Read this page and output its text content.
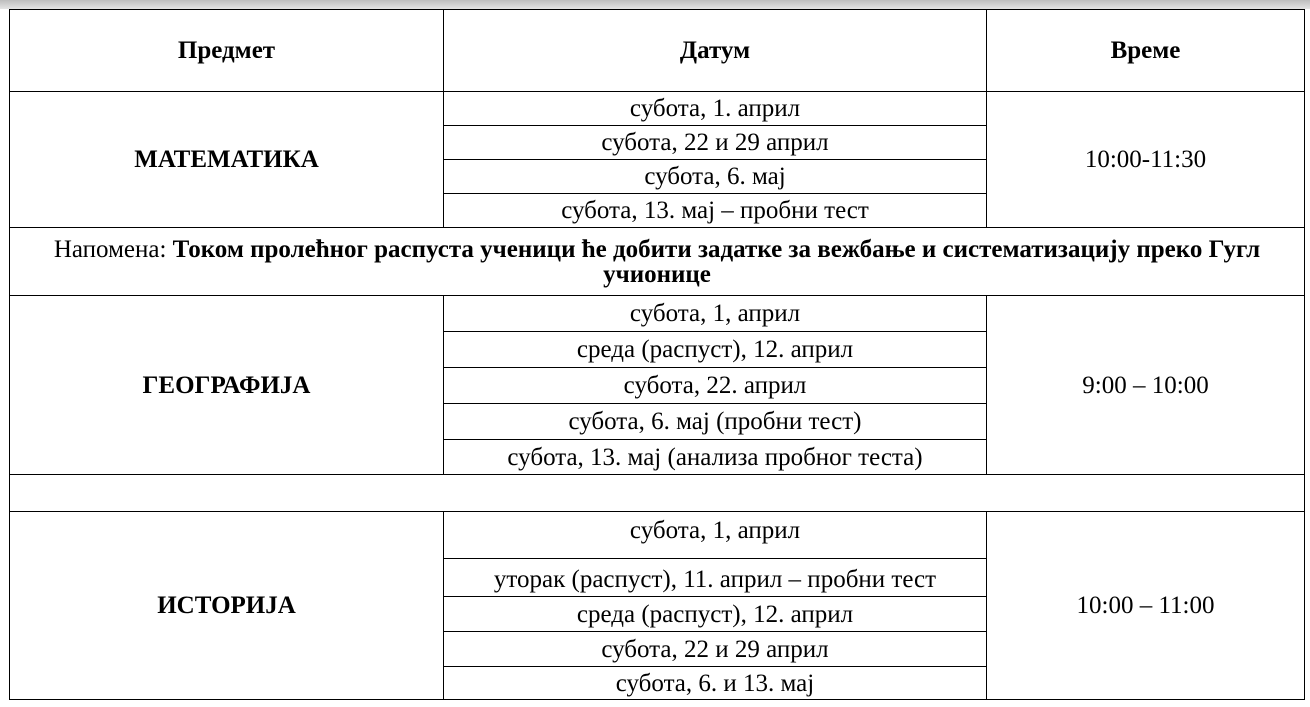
Предмет	Датум	Време
МАТЕМАТИКА	субота, 1. април	10:00-11:30
	субота, 22 и 29 април	
	субота, 6. мај	
	субота, 13. мај – пробни тест	
Напомена: Током пролећног распуста ученици ће добити задатке за вежбање и систематизацију преко Гугл учионице		
ГЕОГРАФИЈА	субота, 1, април	9:00 – 10:00
	среда (распуст), 12. април	
	субота, 22. април	
	субота, 6. мај (пробни тест)	
	субота, 13. мај (анализа пробног теста)	

ИСТОРИЈА	субота, 1, април	10:00 – 11:00
	уторак (распуст), 11. април – пробни тест	
	среда (распуст), 12. април	
	субота, 22 и 29 април	
	субота, 6. и 13. мај	
